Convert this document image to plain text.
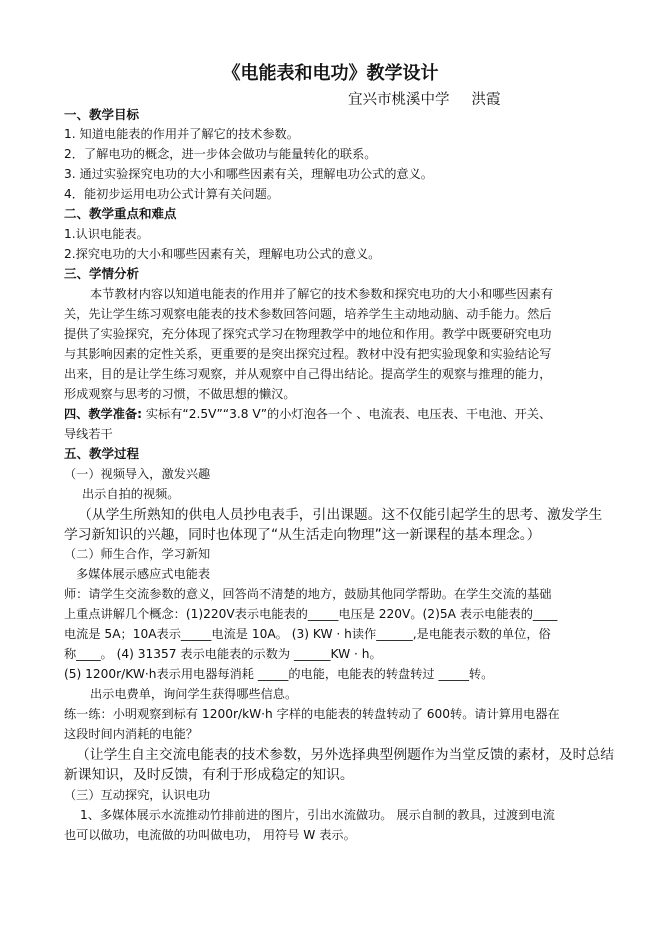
《电能表和电功》教学设计
宜兴市桃溪中学 洪霞
一、教学目标
1. 知道电能表的作用并了解它的技术参数。
2．了解电功的概念，进一步体会做功与能量转化的联系。
3. 通过实验探究电功的大小和哪些因素有关，理解电功公式的意义。
4．能初步运用电功公式计算有关问题。
二、教学重点和难点
1.认识电能表。
2.探究电功的大小和哪些因素有关，理解电功公式的意义。
三、学情分析
本节教材内容以知道电能表的作用并了解它的技术参数和探究电功的大小和哪些因素有
关，先让学生练习观察电能表的技术参数回答问题，培养学生主动地动脑、动手能力。然后
提供了实验探究，充分体现了探究式学习在物理教学中的地位和作用。教学中既要研究电功
与其影响因素的定性关系，更重要的是突出探究过程。教材中没有把实验现象和实验结论写
出来，目的是让学生练习观察，并从观察中自己得出结论。提高学生的观察与推理的能力，
形成观察与思考的习惯，不做思想的懒汉。
四、教学准备: 实标有“2.5V”“3.8 V”的小灯泡各一个 、电流表、电压表、干电池、开关、
导线若干
五、教学过程
（一）视频导入，激发兴趣
出示自拍的视频。
（从学生所熟知的供电人员抄电表手，引出课题。这不仅能引起学生的思考、激发学生
学习新知识的兴趣，同时也体现了“从生活走向物理”这一新课程的基本理念。）
（二）师生合作，学习新知
多媒体展示感应式电能表
师：请学生交流参数的意义，回答尚不清楚的地方，鼓励其他同学帮助。在学生交流的基础
上重点讲解几个概念：(1)220V表示电能表的_____电压是 220V。(2)5A 表示电能表的____
电流是 5A；10A表示_____电流是 10A。 (3) KW · h读作______,是电能表示数的单位，俗
称____。 (4) 31357 表示电能表的示数为 ______KW · h。
(5) 1200r/KW·h表示用电器每消耗 _____的电能，电能表的转盘转过 _____转。
出示电费单，询问学生获得哪些信息。
练一练：小明观察到标有 1200r/kW·h 字样的电能表的转盘转动了 600转。请计算用电器在
这段时间内消耗的电能？
（让学生自主交流电能表的技术参数，另外选择典型例题作为当堂反馈的素材，及时总结
新课知识，及时反馈，有利于形成稳定的知识。
（三）互动探究，认识电功
1、多媒体展示水流推动竹排前进的图片，引出水流做功。 展示自制的教具，过渡到电流
也可以做功，电流做的功叫做电功， 用符号 W 表示。
